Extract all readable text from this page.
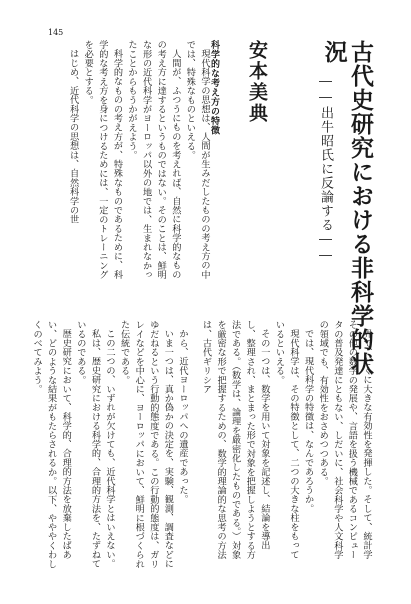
145
古代史研究における非科学的状況
――出牛昭氏に反論する――
安本美典
科学的な考え方の特徴

現代科学の思想は、人間が生みだしたものの考え方の中では、特殊なものといえる。

人間が、ふつうにものを考えれば、自然に科学的なものの考え方に達するというものではない。そのことは、鮮明な形の近代科学がヨーロッパ以外の地では、生まれなかったことからもうかがえよう。

科学的なものの考え方が、特殊なものであるために、科学的な考え方を身につけるためには、一定のトレーニングを必要とする。

はじめ、近代科学の思想は、自然科学の世

界で、とくに大きな有効性を発揮した。そして、統計学その他の数学の発展や、言語を扱う機械であるコンピュータの普及発達にともない、しだいに、社会科学や人文科学の領域でも、有効性をおさめつつある。

では、現代科学の特徴は、なんであろうか。

現代科学は、その特徴として、二つの大きな柱をもっているといえる。

その一つは、数学を用いて対象を記述し、結論を導出し、整理され、まとまった形で対象を把握しようとする方法である。（数学は、論理を厳密化したものである。）対象を厳密な形で把握するための、数学的理論的な思考の方法は、古代ギリシア

から、近代ヨーロッパへの遺産であった。

いま一つは、真か偽かの決定を、実験、観測、調査などにゆだねるという行動的態度である。この行動的態度は、ガリレイなどを中心に、ヨーロッパにおいて、鮮明に根づくられた伝統である。

この二つの、いずれが欠けても、近代科学とはいえない。

私は、歴史研究における科学的、合理的方法を、たずねているのである。

歴史研究において、科学的、合理的方法を放棄したばあい、どのような結果がもたらされるか。以下、やややくわしくのべてみよう。
